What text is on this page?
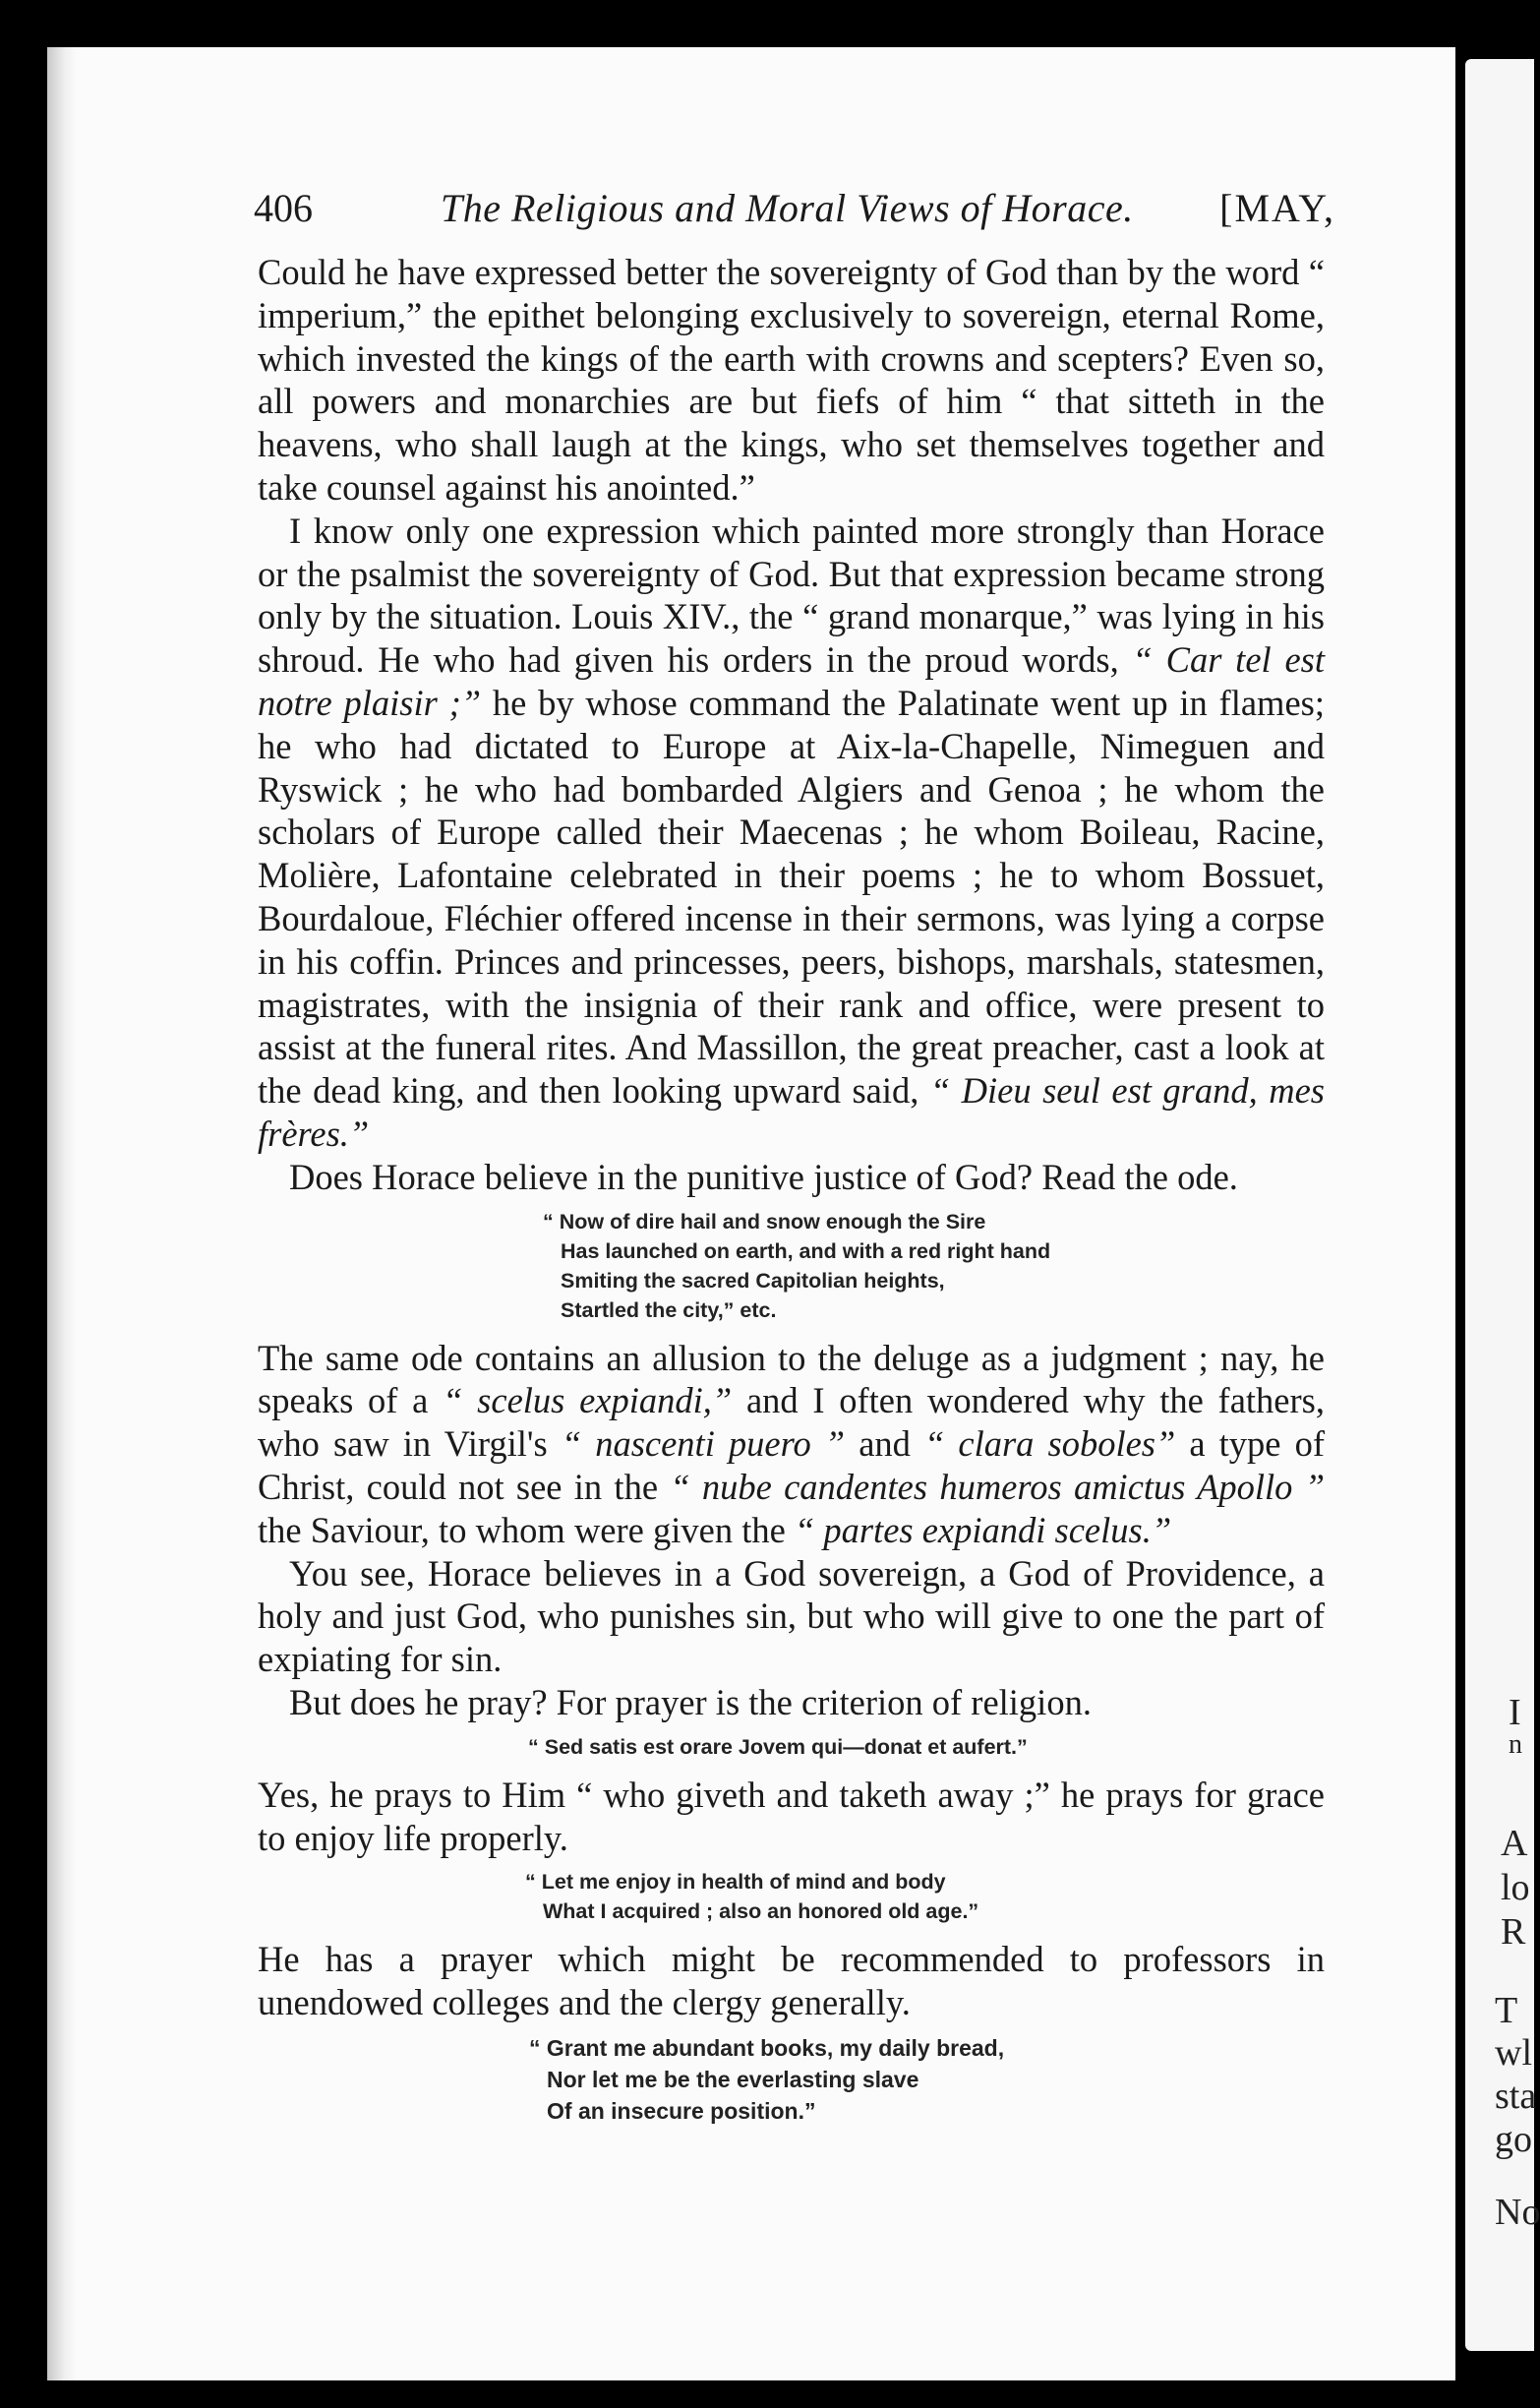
I
n
A
lo
R
T
wl
sta
go
No
406	The Religious and Moral Views of Horace. [MAY,

Could he have expressed better the sovereignty of God than by the word “ imperium,” the epithet belonging exclusively to sovereign, eternal Rome, which invested the kings of the earth with crowns and scepters? Even so, all powers and monarchies are but fiefs of him “ that sitteth in the heavens, who shall laugh at the kings, who set themselves together and take counsel against his anointed.”

I know only one expression which painted more strongly than Horace or the psalmist the sovereignty of God. But that expression became strong only by the situation. Louis XIV., the “ grand monarque,” was lying in his shroud. He who had given his orders in the proud words, “ Car tel est notre plaisir ;” he by whose command the Palatinate went up in flames; he who had dictated to Europe at Aix-la-Chapelle, Nimeguen and Ryswick ; he who had bombarded Algiers and Genoa ; he whom the scholars of Europe called their Maecenas ; he whom Boileau, Racine, Molière, Lafontaine celebrated in their poems ; he to whom Bossuet, Bourdaloue, Fléchier offered incense in their sermons, was lying a corpse in his coffin. Princes and princesses, peers, bishops, marshals, statesmen, magistrates, with the insignia of their rank and office, were present to assist at the funeral rites. And Massillon, the great preacher, cast a look at the dead king, and then looking upward said, “ Dieu seul est grand, mes frères.”

Does Horace believe in the punitive justice of God? Read the ode.

“ Now of dire hail and snow enough the Sire
Has launched on earth, and with a red right hand
Smiting the sacred Capitolian heights,
Startled the city,” etc.

The same ode contains an allusion to the deluge as a judgment ; nay, he speaks of a “ scelus expiandi,” and I often wondered why the fathers, who saw in Virgil's “ nascenti puero ” and “ clara soboles” a type of Christ, could not see in the “ nube candentes humeros amictus Apollo ” the Saviour, to whom were given the “ partes expiandi scelus.”

You see, Horace believes in a God sovereign, a God of Providence, a holy and just God, who punishes sin, but who will give to one the part of expiating for sin.

But does he pray? For prayer is the criterion of religion.

“ Sed satis est orare Jovem qui—donat et aufert.”

Yes, he prays to Him “ who giveth and taketh away ;” he prays for grace to enjoy life properly.

“ Let me enjoy in health of mind and body
What I acquired ; also an honored old age.”

He has a prayer which might be recommended to professors in unendowed colleges and the clergy generally.

“ Grant me abundant books, my daily bread,
Nor let me be the everlasting slave
Of an insecure position.”
